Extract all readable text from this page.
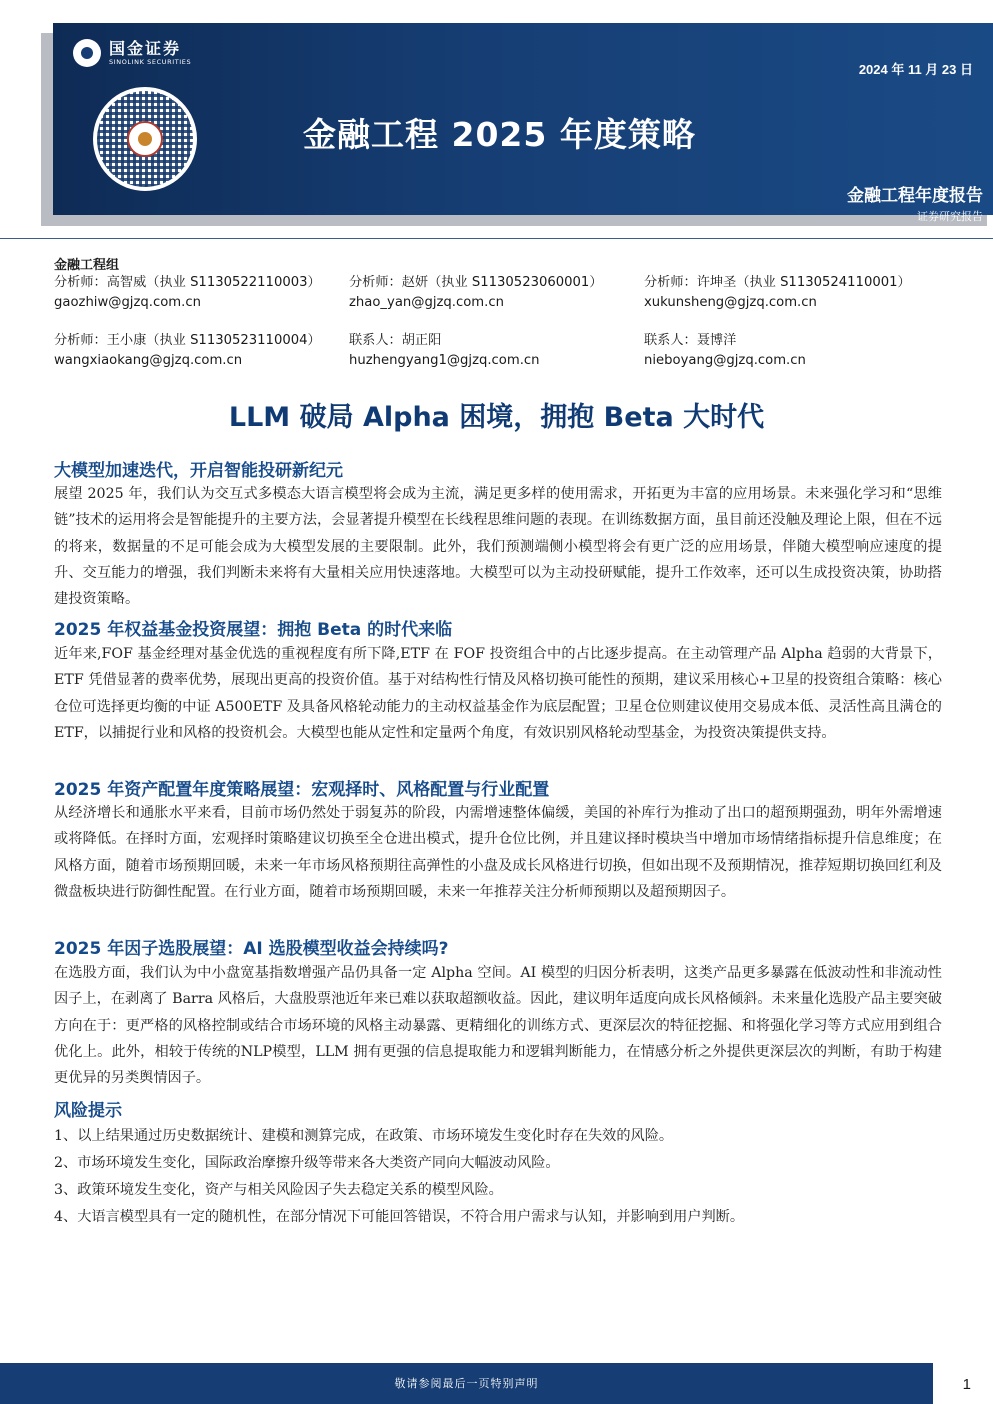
国金证券
SINOLINK SECURITIES
2024 年 11 月 23 日
金融工程 2025 年度策略
金融工程年度报告
证券研究报告
金融工程组
分析师：高智威（执业 S1130522110003）
gaozhiw@gjzq.com.cn
分析师：赵妍（执业 S1130523060001）
zhao_yan@gjzq.com.cn
分析师：许坤圣（执业 S1130524110001）
xukunsheng@gjzq.com.cn
分析师：王小康（执业 S1130523110004）
wangxiaokang@gjzq.com.cn
联系人：胡正阳
huzhengyang1@gjzq.com.cn
联系人：聂博洋
nieboyang@gjzq.com.cn
LLM 破局 Alpha 困境，拥抱 Beta 大时代
大模型加速迭代，开启智能投研新纪元
展望 2025 年，我们认为交互式多模态大语言模型将会成为主流，满足更多样的使用需求，开拓更为丰富的应用场景。未来强化学习和“思维链”技术的运用将会是智能提升的主要方法，会显著提升模型在长线程思维问题的表现。在训练数据方面，虽目前还没触及理论上限，但在不远的将来，数据量的不足可能会成为大模型发展的主要限制。此外，我们预测端侧小模型将会有更广泛的应用场景，伴随大模型响应速度的提升、交互能力的增强，我们判断未来将有大量相关应用快速落地。大模型可以为主动投研赋能，提升工作效率，还可以生成投资决策，协助搭建投资策略。
2025 年权益基金投资展望：拥抱 Beta 的时代来临
近年来,FOF 基金经理对基金优选的重视程度有所下降,ETF 在 FOF 投资组合中的占比逐步提高。在主动管理产品 Alpha 趋弱的大背景下，ETF 凭借显著的费率优势，展现出更高的投资价值。基于对结构性行情及风格切换可能性的预期，建议采用核心+卫星的投资组合策略：核心仓位可选择更均衡的中证 A500ETF 及具备风格轮动能力的主动权益基金作为底层配置；卫星仓位则建议使用交易成本低、灵活性高且满仓的 ETF，以捕捉行业和风格的投资机会。大模型也能从定性和定量两个角度，有效识别风格轮动型基金，为投资决策提供支持。
2025 年资产配置年度策略展望：宏观择时、风格配置与行业配置
从经济增长和通胀水平来看，目前市场仍然处于弱复苏的阶段，内需增速整体偏缓，美国的补库行为推动了出口的超预期强劲，明年外需增速或将降低。在择时方面，宏观择时策略建议切换至全仓进出模式，提升仓位比例，并且建议择时模块当中增加市场情绪指标提升信息维度；在风格方面，随着市场预期回暖，未来一年市场风格预期往高弹性的小盘及成长风格进行切换，但如出现不及预期情况，推荐短期切换回红利及微盘板块进行防御性配置。在行业方面，随着市场预期回暖，未来一年推荐关注分析师预期以及超预期因子。
2025 年因子选股展望：AI 选股模型收益会持续吗?
在选股方面，我们认为中小盘宽基指数增强产品仍具备一定 Alpha 空间。AI 模型的归因分析表明，这类产品更多暴露在低波动性和非流动性因子上，在剥离了 Barra 风格后，大盘股票池近年来已难以获取超额收益。因此，建议明年适度向成长风格倾斜。未来量化选股产品主要突破方向在于：更严格的风格控制或结合市场环境的风格主动暴露、更精细化的训练方式、更深层次的特征挖掘、和将强化学习等方式应用到组合优化上。此外，相较于传统的NLP模型，LLM 拥有更强的信息提取能力和逻辑判断能力，在情感分析之外提供更深层次的判断，有助于构建更优异的另类舆情因子。
风险提示
1、以上结果通过历史数据统计、建模和测算完成，在政策、市场环境发生变化时存在失效的风险。
2、市场环境发生变化，国际政治摩擦升级等带来各大类资产同向大幅波动风险。
3、政策环境发生变化，资产与相关风险因子失去稳定关系的模型风险。
4、大语言模型具有一定的随机性，在部分情况下可能回答错误，不符合用户需求与认知，并影响到用户判断。
敬请参阅最后一页特别声明	1
